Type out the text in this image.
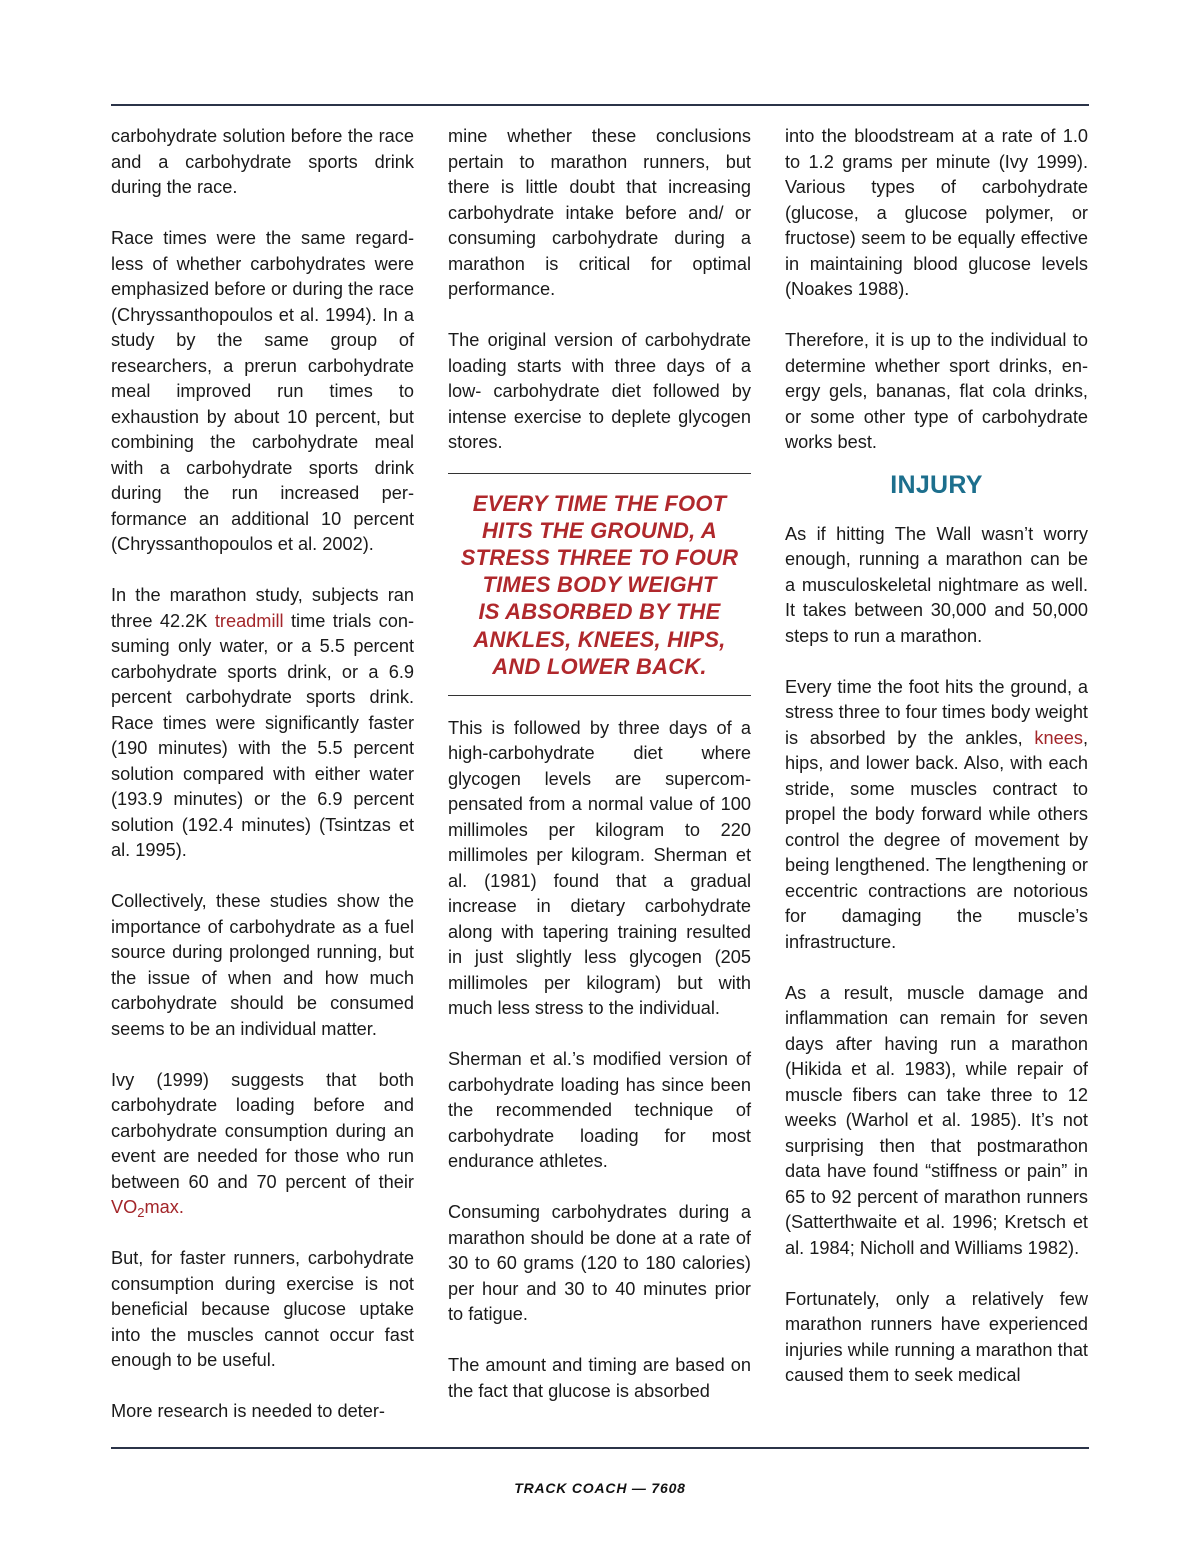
carbohydrate solution before the race and a carbohydrate sports drink during the race.

Race times were the same regard less of whether carbohydrates were emphasized before or during the race (Chryssanthopoulos et al. 1994). In a study by the same group of researchers, a prerun carbohydrate meal improved run times to exhaustion by about 10 percent, but combining the carbohydrate meal with a carbohydrate sports drink during the run increased performance an additional 10 percent (Chryssanthopoulos et al. 2002).

In the marathon study, subjects ran three 42.2K treadmill time trials consuming only water, or a 5.5 percent carbohydrate sports drink, or a 6.9 percent carbohydrate sports drink. Race times were significantly faster (190 minutes) with the 5.5 percent solution compared with either water (193.9 minutes) or the 6.9 percent solution (192.4 minutes) (Tsintzas et al. 1995).

Collectively, these studies show the importance of carbohydrate as a fuel source during prolonged running, but the issue of when and how much carbohydrate should be consumed seems to be an individual matter.

Ivy (1999) suggests that both carbohydrate loading before and carbohydrate consumption during an event are needed for those who run between 60 and 70 percent of their $VO_2\max$.

But, for faster runners, carbohydrate consumption during exercise is not beneficial because glucose uptake into the muscles cannot occur fast enough to be useful.

More research is needed to deter-

mine whether these conclusions pertain to marathon runners, but there is little doubt that increasing carbohydrate intake before and/ or consuming carbohydrate during a marathon is critical for optimal performance.

The original version of carbohydrate loading starts with three days of a low- carbohydrate diet followed by intense exercise to deplete glycogen stores.

EVERY TIME THE FOOT
HITS THE GROUND, A
STRESS THREE TO FOUR
TIMES BODY WEIGHT
IS ABSORBED BY THE
ANKLES, KNEES, HIPS,
AND LOWER BACK.

This is followed by three days of a high-carbohydrate diet where glycogen levels are supercompensated from a normal value of 100 millimoles per kilogram to 220 millimoles per kilogram. Sherman et al. (1981) found that a gradual increase in dietary carbohydrate along with tapering training resulted in just slightly less glycogen (205 millimoles per kilogram) but with much less stress to the individual.

Sherman et al.’s modified version of carbohydrate loading has since been the recommended technique of carbohydrate loading for most endurance athletes.

Consuming carbohydrates during a marathon should be done at a rate of 30 to 60 grams (120 to 180 calories) per hour and 30 to 40 minutes prior to fatigue.

The amount and timing are based on the fact that glucose is absorbed

into the bloodstream at a rate of 1.0 to 1.2 grams per minute (Ivy 1999). Various types of carbohydrate (glucose, a glucose polymer, or fructose) seem to be equally effective in maintaining blood glucose levels (Noakes 1988).

Therefore, it is up to the individual to determine whether sport drinks, energy gels, bananas, flat cola drinks, or some other type of carbohydrate works best.

INJURY

As if hitting The Wall wasn’t worry enough, running a marathon can be a musculoskeletal nightmare as well. It takes between 30,000 and 50,000 steps to run a marathon.

Every time the foot hits the ground, a stress three to four times body weight is absorbed by the ankles, knees, hips, and lower back. Also, with each stride, some muscles contract to propel the body forward while others control the degree of movement by being lengthened. The lengthening or eccentric contractions are notorious for damaging the muscle’s infrastructure.

As a result, muscle damage and inflammation can remain for seven days after having run a marathon (Hikida et al. 1983), while repair of muscle fibers can take three to 12 weeks (Warhol et al. 1985). It’s not surprising then that postmarathon data have found “stiffness or pain” in 65 to 92 percent of marathon runners (Satterthwaite et al. 1996; Kretsch et al. 1984; Nicholl and Williams 1982).

Fortunately, only a relatively few marathon runners have experienced injuries while running a marathon that caused them to seek medical

TRACK COACH — 7608
